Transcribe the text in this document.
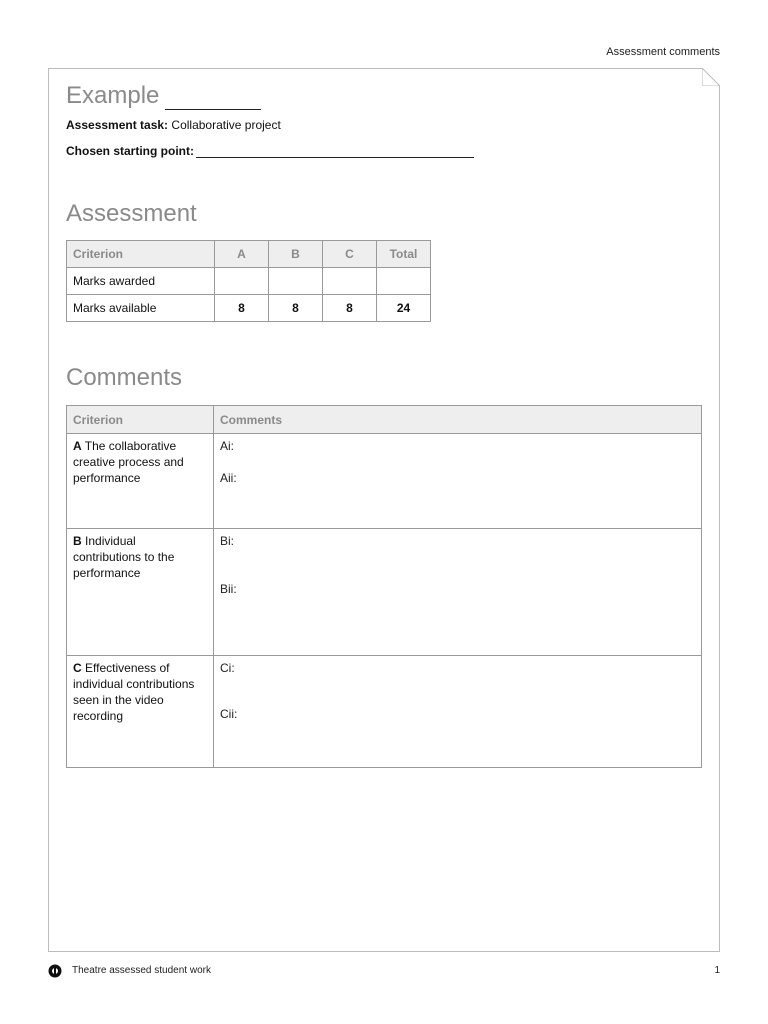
Assessment comments
Example
Assessment task: Collaborative project
Chosen starting point:
Assessment
Criterion	A	B	C	Total
Marks awarded				
Marks available	8	8	8	24
Comments
Criterion	Comments
A The collaborative creative process and performance	Ai:
Aii:

B Individual contributions to the performance	Bi:
Bii:

C Effectiveness of individual contributions seen in the video recording	Ci:
Cii:
Theatre assessed student work	1
